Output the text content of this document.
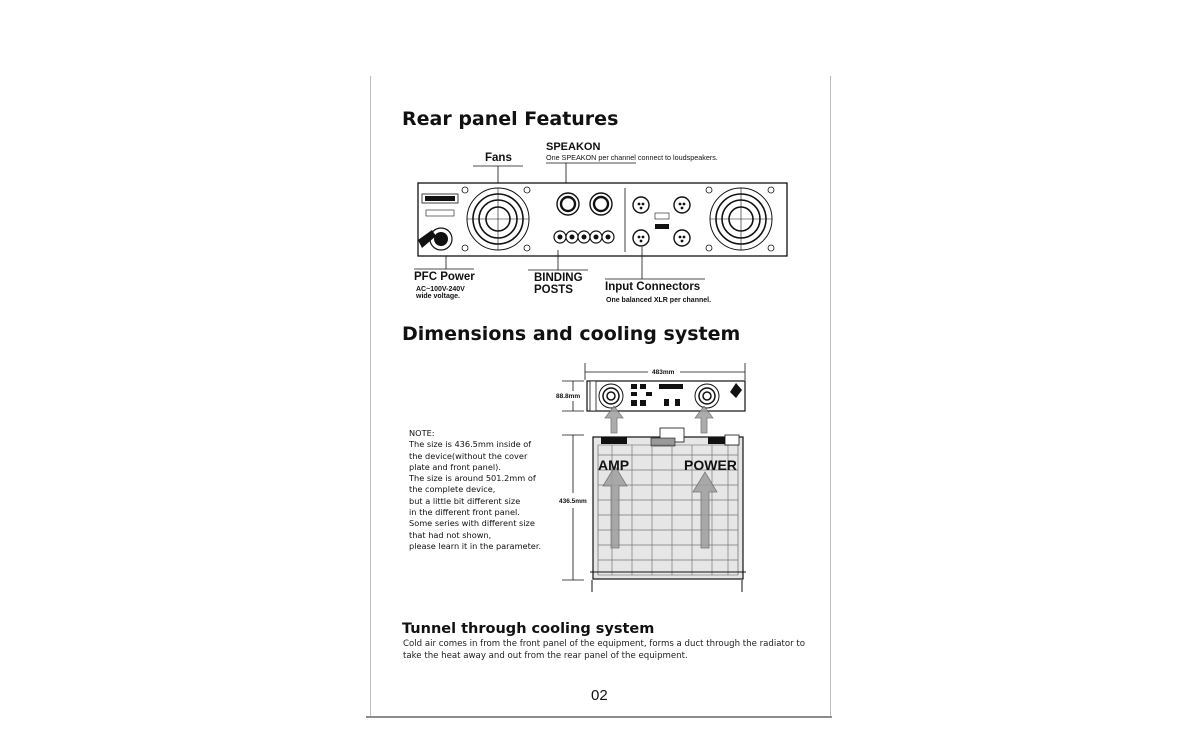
Rear panel Features
Fans
SPEAKON
One SPEAKON per channel connect to loudspeakers.
PFC Power
AC~100V-240V
wide voltage.
BINDING
POSTS	Input Connectors
One balanced XLR per channel.
Dimensions and cooling system
483mm
88.8mm
436.5mm
AMP	POWER
NOTE:
The size is 436.5mm inside of
the device(without the cover
plate and front panel).
The size is around 501.2mm of
the complete device,
but a little bit different size
in the different front panel.
Some series with different size
that had not shown,
please learn it in the parameter.
Tunnel through cooling system
Cold air comes in from the front panel of the equipment, forms a duct through the radiator to
take the heat away and out from the rear panel of the equipment.
02
